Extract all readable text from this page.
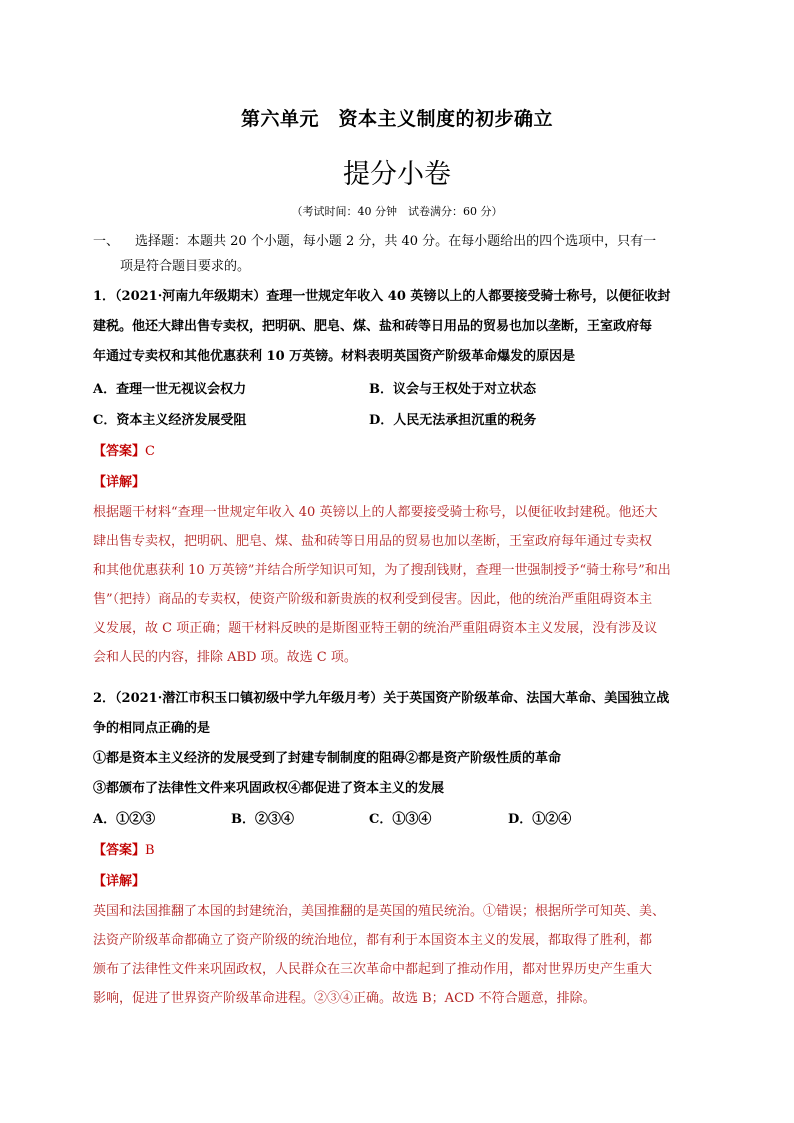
第六单元　资本主义制度的初步确立
提分小卷
（考试时间：40 分钟　试卷满分：60 分）
一、 选择题：本题共 20 个小题，每小题 2 分，共 40 分。在每小题给出的四个选项中，只有一
项是符合题目要求的。
1．（2021·河南九年级期末）查理一世规定年收入 40 英镑以上的人都要接受骑士称号，以便征收封
建税。他还大肆出售专卖权，把明矾、肥皂、煤、盐和砖等日用品的贸易也加以垄断，王室政府每
年通过专卖权和其他优惠获利 10 万英镑。材料表明英国资产阶级革命爆发的原因是
A．查理一世无视议会权力	B．议会与王权处于对立状态
C．资本主义经济发展受阻	D．人民无法承担沉重的税务
【答案】C
【详解】
根据题干材料“查理一世规定年收入 40 英镑以上的人都要接受骑士称号，以便征收封建税。他还大
肆出售专卖权，把明矾、肥皂、煤、盐和砖等日用品的贸易也加以垄断，王室政府每年通过专卖权
和其他优惠获利 10 万英镑”并结合所学知识可知，为了搜刮钱财，查理一世强制授予“骑士称号”和出
售”（把持）商品的专卖权，使资产阶级和新贵族的权利受到侵害。因此，他的统治严重阻碍资本主
义发展，故 C 项正确；题干材料反映的是斯图亚特王朝的统治严重阻碍资本主义发展，没有涉及议
会和人民的内容，排除 ABD 项。故选 C 项。
2．（2021·潜江市积玉口镇初级中学九年级月考）关于英国资产阶级革命、法国大革命、美国独立战
争的相同点正确的是
①都是资本主义经济的发展受到了封建专制制度的阻碍②都是资产阶级性质的革命
③都颁布了法律性文件来巩固政权④都促进了资本主义的发展
A．①②③	B．②③④	C．①③④	D．①②④
【答案】B
【详解】
英国和法国推翻了本国的封建统治，美国推翻的是英国的殖民统治。①错误；根据所学可知英、美、
法资产阶级革命都确立了资产阶级的统治地位，都有利于本国资本主义的发展，都取得了胜利，都
颁布了法律性文件来巩固政权，人民群众在三次革命中都起到了推动作用，都对世界历史产生重大
影响，促进了世界资产阶级革命进程。②③④正确。故选 B；ACD 不符合题意，排除。
